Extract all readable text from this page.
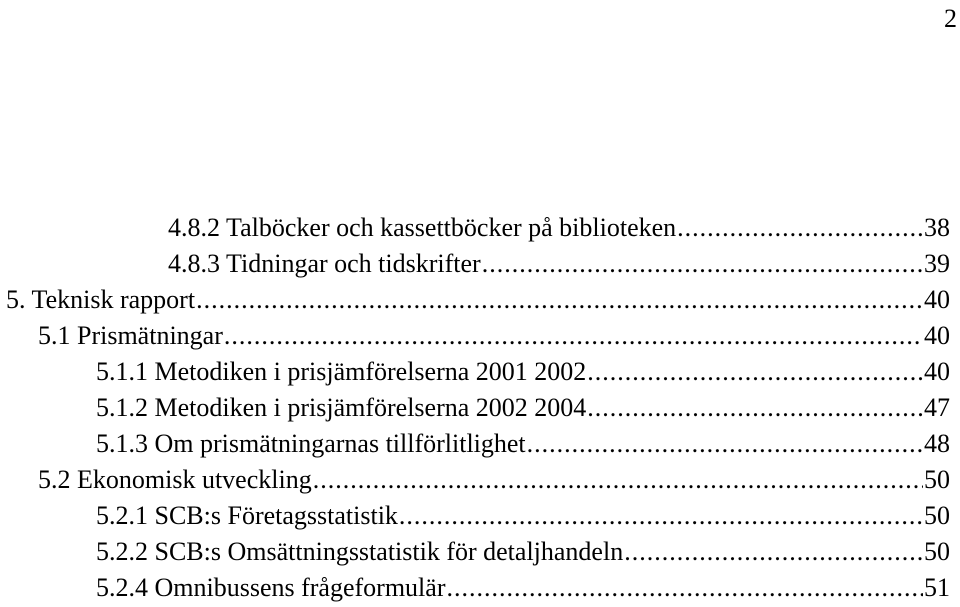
2
4.8.2 Talböcker och kassettböcker på biblioteken .....	38
4.8.3 Tidningar och tidskrifter .....	39
5. Teknisk rapport .....	40
5.1 Prismätningar .....	40
5.1.1 Metodiken i prisjämförelserna 2001 2002 .....	40
5.1.2 Metodiken i prisjämförelserna 2002 2004 .....	47
5.1.3 Om prismätningarnas tillförlitlighet .....	48
5.2 Ekonomisk utveckling .....	50
5.2.1 SCB:s Företagsstatistik .....	50
5.2.2 SCB:s Omsättningsstatistik för detaljhandeln .....	50
5.2.4 Omnibussens frågeformulär .....	51
